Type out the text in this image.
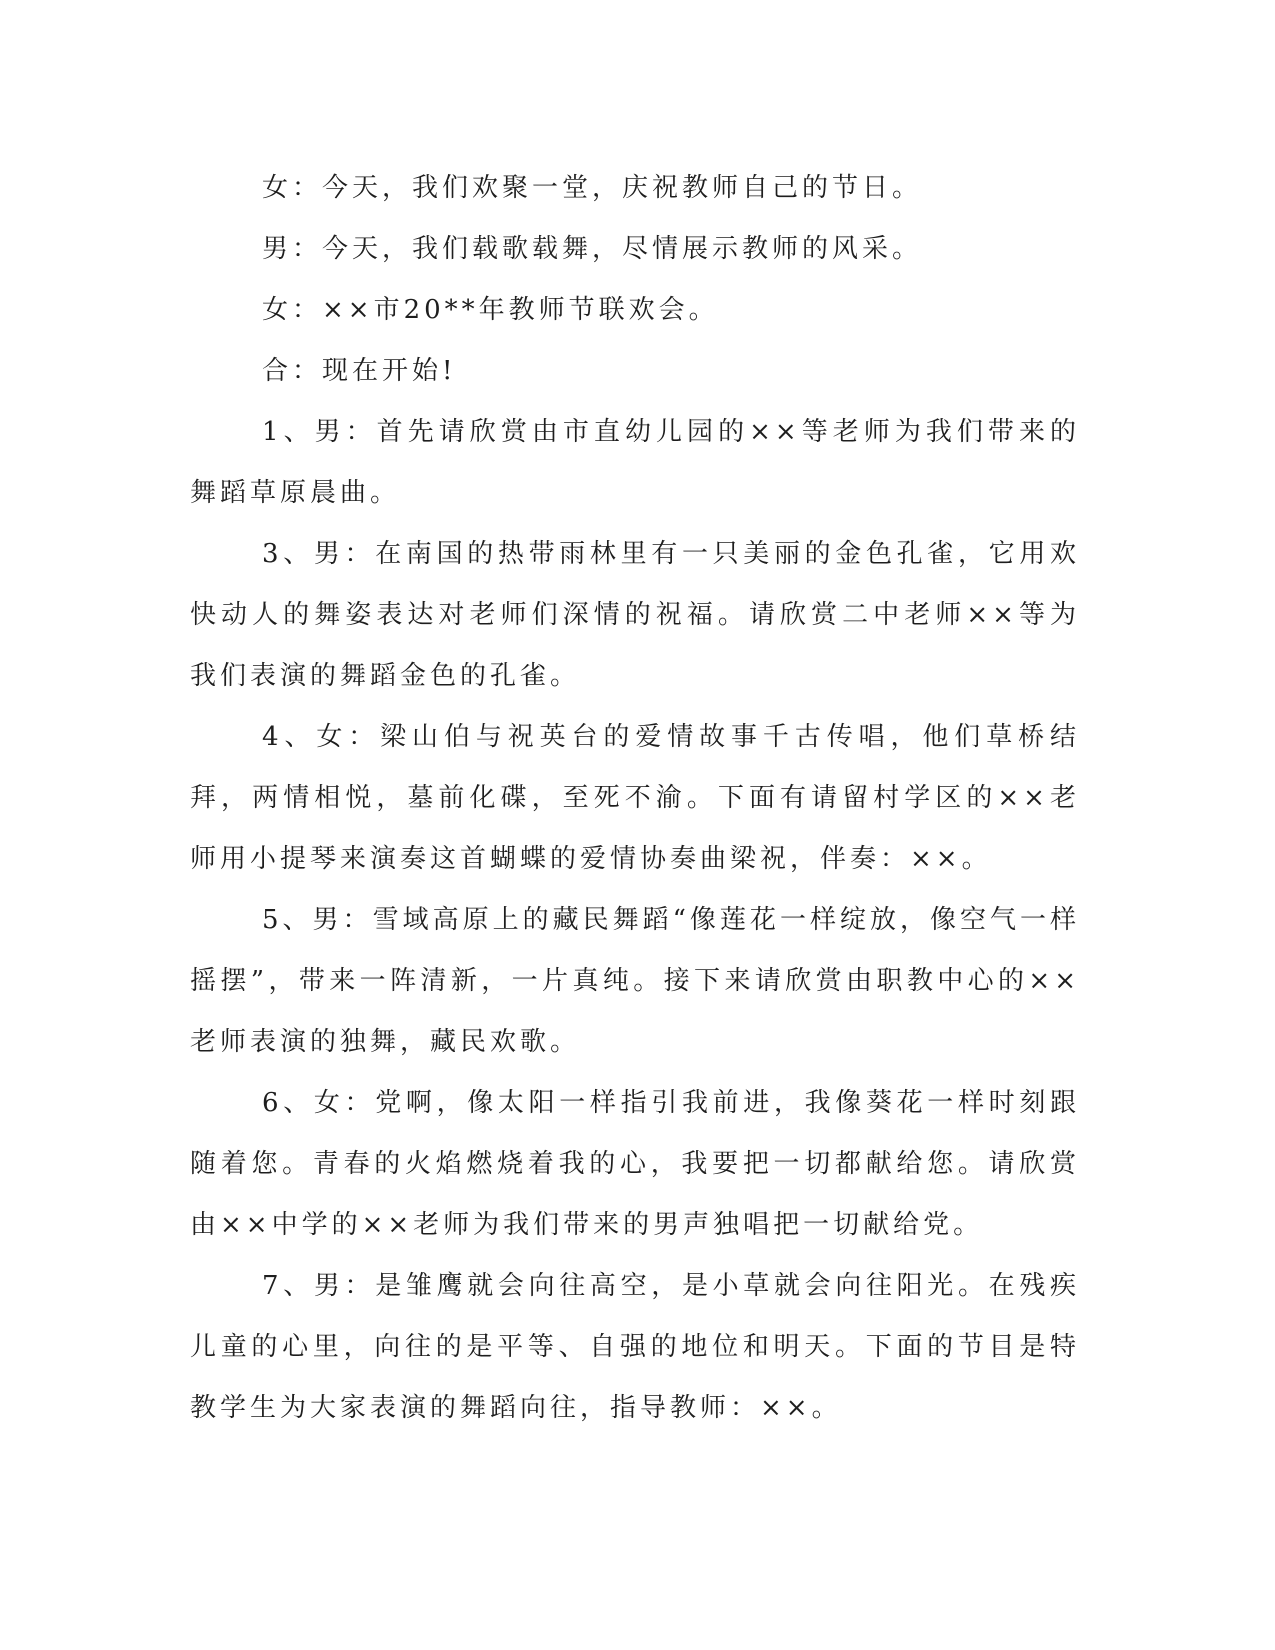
女：今天，我们欢聚一堂，庆祝教师自己的节日。

男：今天，我们载歌载舞，尽情展示教师的风采。

女：××市20**年教师节联欢会。

合：现在开始!

1、男：首先请欣赏由市直幼儿园的××等老师为我们带来的舞蹈草原晨曲。

3、男：在南国的热带雨林里有一只美丽的金色孔雀，它用欢快动人的舞姿表达对老师们深情的祝福。请欣赏二中老师××等为我们表演的舞蹈金色的孔雀。

4、女：梁山伯与祝英台的爱情故事千古传唱，他们草桥结拜，两情相悦，墓前化碟，至死不渝。下面有请留村学区的××老师用小提琴来演奏这首蝴蝶的爱情协奏曲梁祝，伴奏：××。

5、男：雪域高原上的藏民舞蹈“像莲花一样绽放，像空气一样摇摆”，带来一阵清新，一片真纯。接下来请欣赏由职教中心的××老师表演的独舞，藏民欢歌。

6、女：党啊，像太阳一样指引我前进，我像葵花一样时刻跟随着您。青春的火焰燃烧着我的心，我要把一切都献给您。请欣赏由××中学的××老师为我们带来的男声独唱把一切献给党。

7、男：是雏鹰就会向往高空，是小草就会向往阳光。在残疾儿童的心里，向往的是平等、自强的地位和明天。下面的节目是特教学生为大家表演的舞蹈向往，指导教师：××。
